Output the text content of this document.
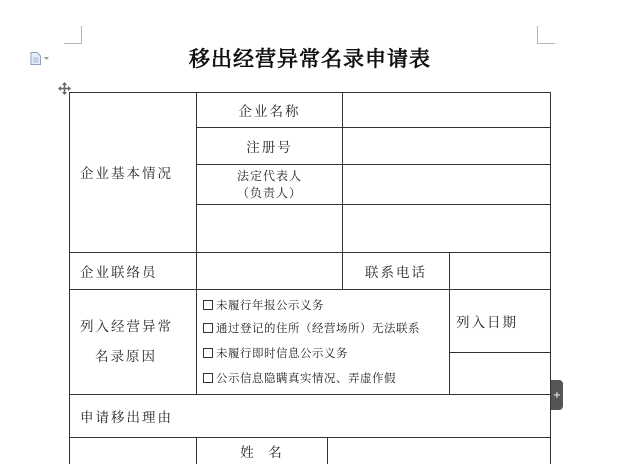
移出经营异常名录申请表
企业基本情况
企业名称
注册号
法定代表人
（负责人）
企业联络员	联系电话
列入经营异常
名录原因
未履行年报公示义务
通过登记的住所（经营场所）无法联系
未履行即时信息公示义务
公示信息隐瞒真实情况、弄虚作假
列入日期
申请移出理由
姓  名
+
